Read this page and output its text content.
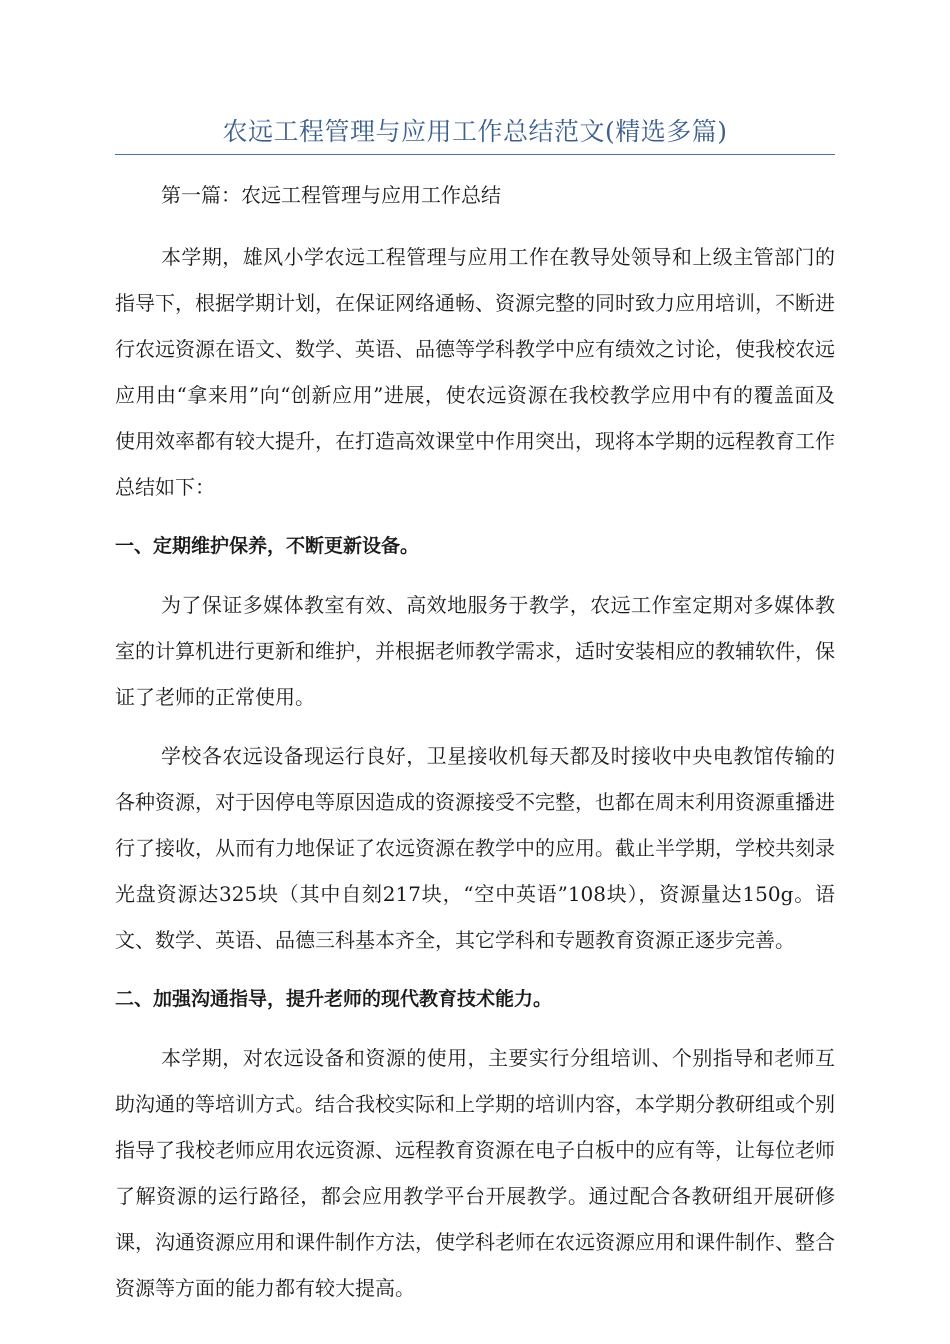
农远工程管理与应用工作总结范文(精选多篇)

第一篇：农远工程管理与应用工作总结

本学期，雄风小学农远工程管理与应用工作在教导处领导和上级主管部门的指导下，根据学期计划，在保证网络通畅、资源完整的同时致力应用培训，不断进行农远资源在语文、数学、英语、品德等学科教学中应有绩效之讨论，使我校农远应用由“拿来用”向“创新应用”进展，使农远资源在我校教学应用中有的覆盖面及使用效率都有较大提升，在打造高效课堂中作用突出，现将本学期的远程教育工作总结如下：

一、定期维护保养，不断更新设备。

为了保证多媒体教室有效、高效地服务于教学，农远工作室定期对多媒体教室的计算机进行更新和维护，并根据老师教学需求，适时安装相应的教辅软件，保证了老师的正常使用。

学校各农远设备现运行良好，卫星接收机每天都及时接收中央电教馆传输的各种资源，对于因停电等原因造成的资源接受不完整，也都在周末利用资源重播进行了接收，从而有力地保证了农远资源在教学中的应用。截止半学期，学校共刻录光盘资源达325块（其中自刻217块，“空中英语”108块），资源量达150g。语文、数学、英语、品德三科基本齐全，其它学科和专题教育资源正逐步完善。

二、加强沟通指导，提升老师的现代教育技术能力。

本学期，对农远设备和资源的使用，主要实行分组培训、个别指导和老师互助沟通的等培训方式。结合我校实际和上学期的培训内容，本学期分教研组或个别指导了我校老师应用农远资源、远程教育资源在电子白板中的应有等，让每位老师了解资源的运行路径，都会应用教学平台开展教学。通过配合各教研组开展研修课，沟通资源应用和课件制作方法，使学科老师在农远资源应用和课件制作、整合资源等方面的能力都有较大提高。
